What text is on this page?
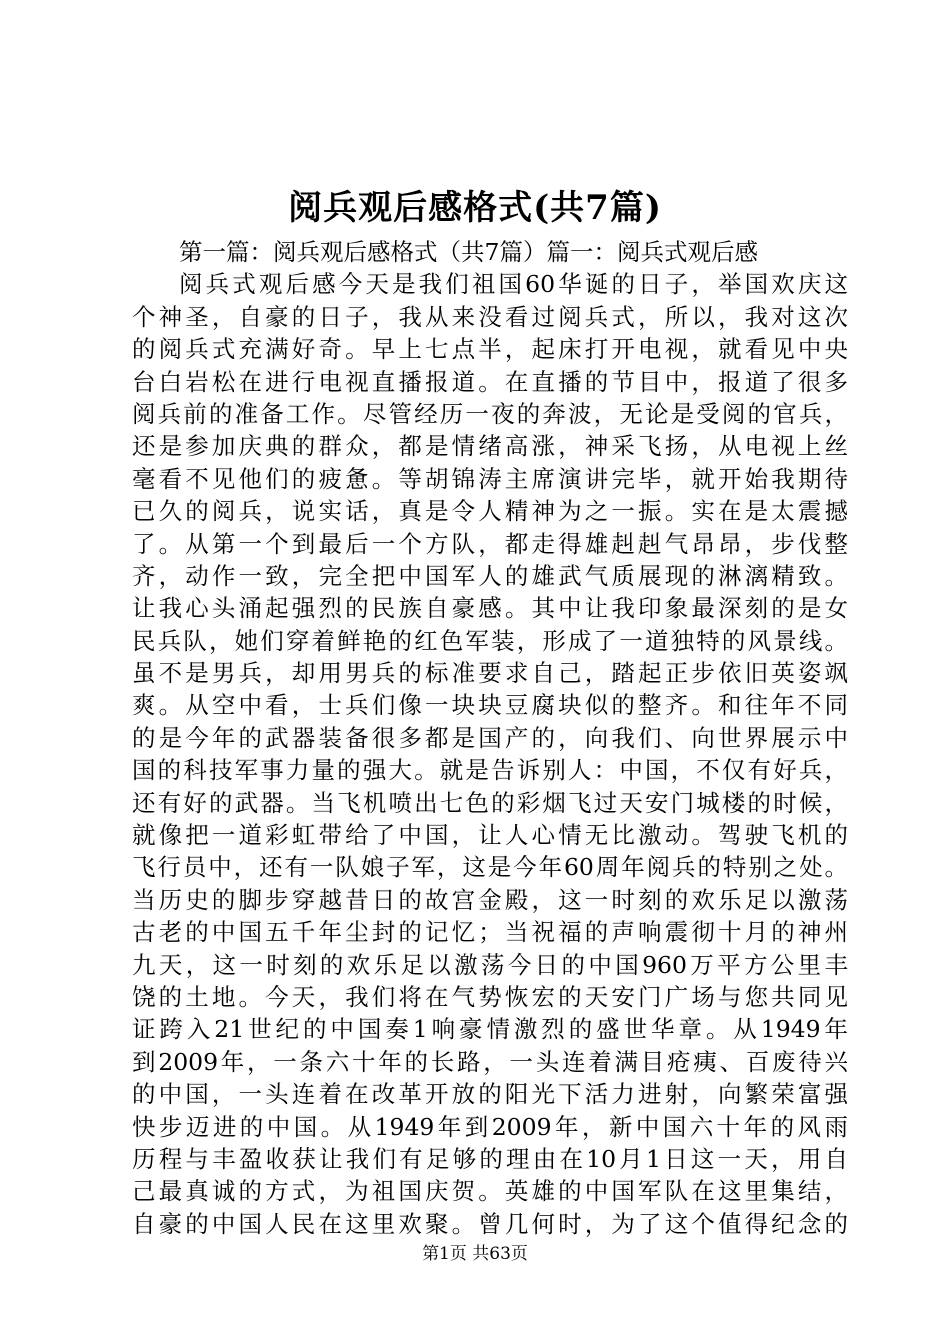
阅兵观后感格式(共7篇)
第一篇：阅兵观后感格式（共7篇）篇一：阅兵式观后感
阅兵式观后感今天是我们祖国60华诞的日子，举国欢庆这
个神圣，自豪的日子，我从来没看过阅兵式，所以，我对这次
的阅兵式充满好奇。早上七点半，起床打开电视，就看见中央
台白岩松在进行电视直播报道。在直播的节目中，报道了很多
阅兵前的准备工作。尽管经历一夜的奔波，无论是受阅的官兵，
还是参加庆典的群众，都是情绪高涨，神采飞扬，从电视上丝
毫看不见他们的疲惫。等胡锦涛主席演讲完毕，就开始我期待
已久的阅兵，说实话，真是令人精神为之一振。实在是太震撼
了。从第一个到最后一个方队，都走得雄赳赳气昂昂，步伐整
齐，动作一致，完全把中国军人的雄武气质展现的淋漓精致。
让我心头涌起强烈的民族自豪感。其中让我印象最深刻的是女
民兵队，她们穿着鲜艳的红色军装，形成了一道独特的风景线。
虽不是男兵，却用男兵的标准要求自己，踏起正步依旧英姿飒
爽。从空中看，士兵们像一块块豆腐块似的整齐。和往年不同
的是今年的武器装备很多都是国产的，向我们、向世界展示中
国的科技军事力量的强大。就是告诉别人：中国，不仅有好兵，
还有好的武器。当飞机喷出七色的彩烟飞过天安门城楼的时候，
就像把一道彩虹带给了中国，让人心情无比激动。驾驶飞机的
飞行员中，还有一队娘子军，这是今年60周年阅兵的特别之处。
当历史的脚步穿越昔日的故宫金殿，这一时刻的欢乐足以激荡
古老的中国五千年尘封的记忆；当祝福的声响震彻十月的神州
九天，这一时刻的欢乐足以激荡今日的中国960万平方公里丰
饶的土地。今天，我们将在气势恢宏的天安门广场与您共同见
证跨入21世纪的中国奏1响豪情激烈的盛世华章。从1949年
到2009年，一条六十年的长路，一头连着满目疮痍、百废待兴
的中国，一头连着在改革开放的阳光下活力进射，向繁荣富强
快步迈进的中国。从1949年到2009年，新中国六十年的风雨
历程与丰盈收获让我们有足够的理由在10月1日这一天，用自
己最真诚的方式，为祖国庆贺。英雄的中国军队在这里集结，
自豪的中国人民在这里欢聚。曾几何时，为了这个值得纪念的
第1页 共63页
